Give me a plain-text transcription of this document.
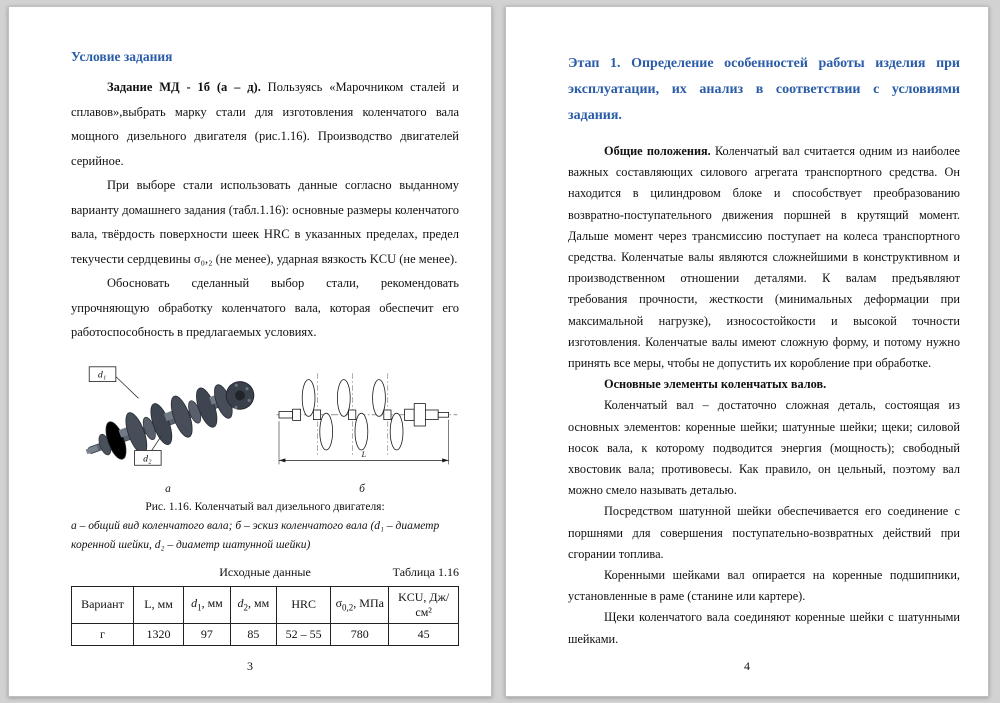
Условие задания

Задание МД - 1б (а – д). Пользуясь «Марочником сталей и сплавов»,выбрать марку стали для изготовления коленчатого вала мощного дизельного двигателя (рис.1.16). Производство двигателей серийное.

При выборе стали использовать данные согласно выданному варианту домашнего задания (табл.1.16): основные размеры коленчатого вала, твёрдость поверхности шеек HRC в указанных пределах, предел текучести сердцевины σ₀,₂ (не менее), ударная вязкость KCU (не менее).

Обосновать сделанный выбор стали, рекомендовать упрочняющую обработку коленчатого вала, которая обеспечит его работоспособность в предлагаемых условиях.

d₁
d₂	L
а	б
Рис. 1.16. Коленчатый вал дизельного двигателя:
а – общий вид коленчатого вала; б – эскиз коленчатого вала (d₁ – диаметр коренной шейки, d₂ – диаметр шатунной шейки)
Исходные данные	Таблица 1.16
Вариант	L, мм	$d_1$, мм	$d_2$, мм	HRC	$\sigma_{0,2}$, МПа	KCU, Дж/см²
г	1320	97	85	52 – 55	780	45
3
Этап 1. Определение особенностей работы изделия при эксплуатации, их анализ в соответствии с условиями задания.

Общие положения. Коленчатый вал считается одним из наиболее важных составляющих силового агрегата транспортного средства. Он находится в цилиндровом блоке и способствует преобразованию возвратно-поступательного движения поршней в крутящий момент. Дальше момент через трансмиссию поступает на колеса транспортного средства. Коленчатые валы являются сложнейшими в конструктивном и производственном отношении деталями. К валам предъявляют требования прочности, жесткости (минимальных деформации при максимальной нагрузке), износостойкости и высокой точности изготовления. Коленчатые валы имеют сложную форму, и потому нужно принять все меры, чтобы не допустить их коробление при обработке.

Основные элементы коленчатых валов.

Коленчатый вал – достаточно сложная деталь, состоящая из основных элементов: коренные шейки; шатунные шейки; щеки; силовой носок вала, к которому подводится энергия (мощность); свободный хвостовик вала; противовесы. Как правило, он цельный, поэтому вал можно смело называть деталью.

Посредством шатунной шейки обеспечивается его соединение с поршнями для совершения поступательно-возвратных действий при сгорании топлива.

Коренными шейками вал опирается на коренные подшипники, установленные в раме (станине или картере).

Щеки коленчатого вала соединяют коренные шейки с шатунными шейками.

4
